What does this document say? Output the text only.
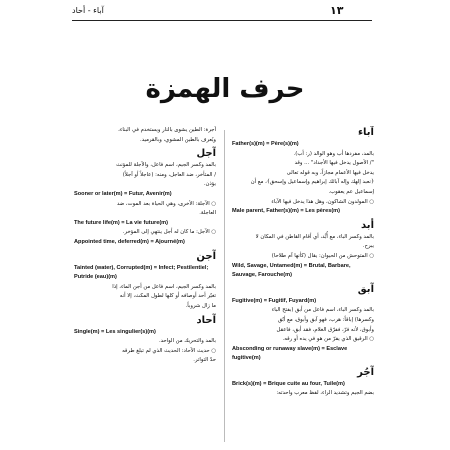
١٣
آباء - أحاد
حرف الهمزة
آباء
Father(s)(m) = Père(s)(m)
بالمد، مفردها أب وهو الوالد (ر: أب).
"/ الأصول يدخل فيها الأجداد" ... وقد
يدخل فيها الأعمام مجازاً، وبه قوله تعالى
﴿نعبد إلهك وإله آبائك إبراهيم وإسماعيل وإسحق﴾، مع أن
إسماعيل عم يعقوب.
○ المولدون الشاكون، وهل هذا يدخل فيها الآباء
Male parent, Father(s)(m) = Les pères(m)
أبد
بالمد وكسر الباء، مع أُبَّد، أي أقام القاطن في المكان لا
يبرح.
○ المتوحش من الحيوان: يقال (كأنها آم طلاحا)
Wild, Savage, Untamed(m) = Brutal, Barbare, Sauvage, Farouche(m)
آبق
Fugitive(m) = Fugitif, Fuyard(m)
بالمد وكسر الباء، اسم فاعل من أبق (بفتح الباء
وكسرها) إباقاً: هرب، فهو آبق وأبوق، مع أبّق
وأبوق، لأنه فرّ، ففرّق الغلام، فقد أبق، فاعقل
○ الرقيق الذي يفرّ من هو في يده أو رقه.
Absconding or runaway slave(m) = Esclave fugitive(m)
آجُر
Brick(s)(m) = Brique cuite au four, Tuile(m)
بضم الجيم وتشديد الراء، لفظ معرب واحدته:
آجرة: الطين يشوى بالنار ويستخدم في البناء،
ويُعرف بالطين المشوي، وبالقرميد.
آجل
بالمد وكسر الجيم، اسم فاعل، والآجلة للمؤنث
/ المتأخر، ضد العاجل، ومنه: (عاجلاً أو آجلاً)
يؤذن.
Sooner or later(m) = Futur, Avenir(m)
○ الآجلة: الأخرى، وهي الحياة بعد الموت، ضد
العاجلة.
The future life(m) = La vie future(m)
○ الآجل: ما كان له أجل ينتهي إلى المؤخر.
Appointed time, deferred(m) = Ajourné(m)
آجن
Tainted (water), Corrupted(m) = Infect; Pestilentiel; Putride (eau)(m)
بالمد وكسر الجيم، اسم فاعل من أجن الماء، إذا
تغيّر أحد أوصافه أو كلها لطول المكث، إلا أنه
ما زال شروباً.
آحاد
Single(m) = Les singulier(s)(m)
بالمد والتحريك من الواحد.
○ حديث الآحاد: الحديث الذي لم تبلغ طرقه
حدّ التواتر.
